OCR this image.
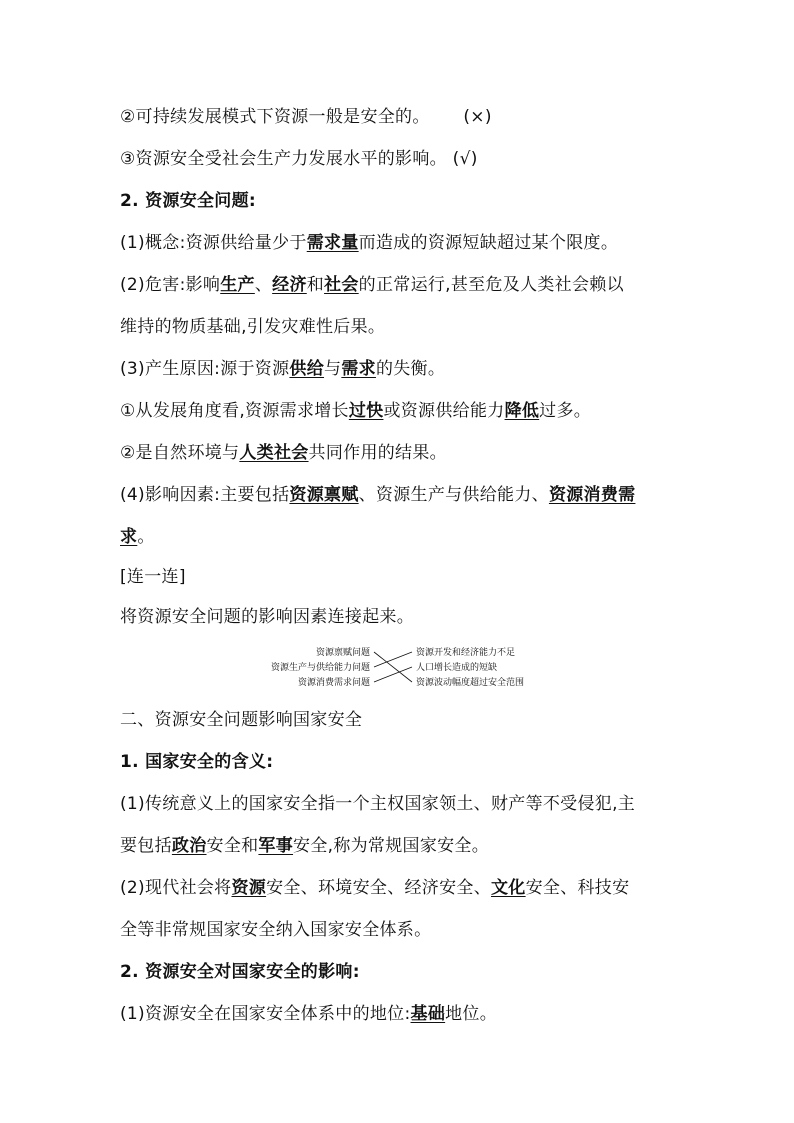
②可持续发展模式下资源一般是安全的。 (×)
③资源安全受社会生产力发展水平的影响。 (√)
2. 资源安全问题:
(1)概念:资源供给量少于需求量而造成的资源短缺超过某个限度。
(2)危害:影响生产、经济和社会的正常运行,甚至危及人类社会赖以
维持的物质基础,引发灾难性后果。
(3)产生原因:源于资源供给与需求的失衡。
①从发展角度看,资源需求增长过快或资源供给能力降低过多。
②是自然环境与人类社会共同作用的结果。
(4)影响因素:主要包括资源禀赋、资源生产与供给能力、资源消费需
求。
[连一连]
将资源安全问题的影响因素连接起来。
资源禀赋问题
资源生产与供给能力问题
资源消费需求问题
资源开发和经济能力不足
人口增长造成的短缺
资源波动幅度超过安全范围
二、资源安全问题影响国家安全
1. 国家安全的含义:
(1)传统意义上的国家安全指一个主权国家领土、财产等不受侵犯,主
要包括政治安全和军事安全,称为常规国家安全。
(2)现代社会将资源安全、环境安全、经济安全、文化安全、科技安
全等非常规国家安全纳入国家安全体系。
2. 资源安全对国家安全的影响:
(1)资源安全在国家安全体系中的地位:基础地位。
